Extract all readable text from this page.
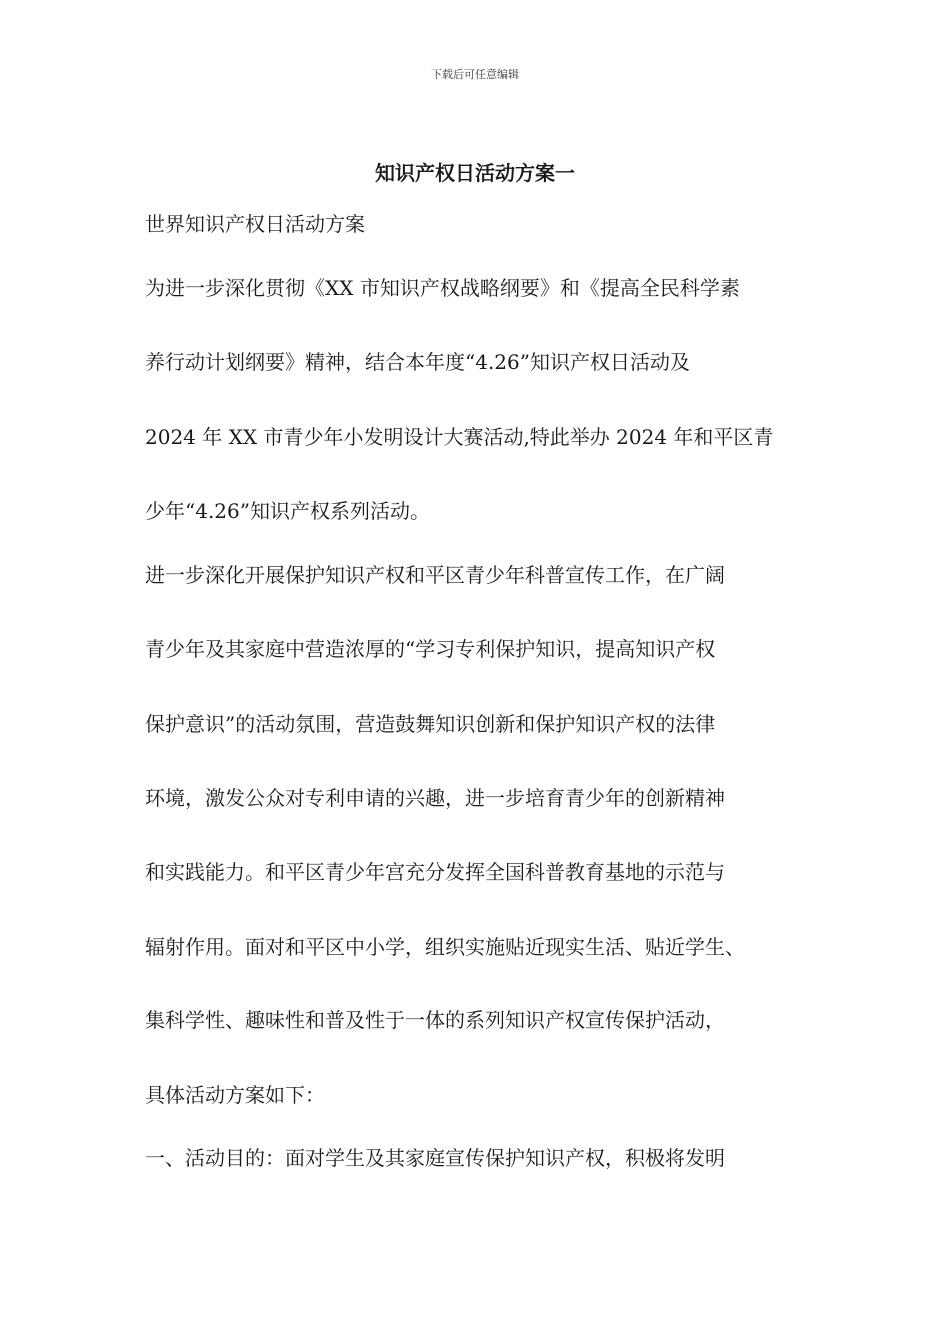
下载后可任意编辑
知识产权日活动方案一
世界知识产权日活动方案
为进一步深化贯彻《XX 市知识产权战略纲要》和《提高全民科学素
养行动计划纲要》精神，结合本年度“4.26”知识产权日活动及
2024 年 XX 市青少年小发明设计大赛活动,特此举办 2024 年和平区青
少年“4.26”知识产权系列活动。
进一步深化开展保护知识产权和平区青少年科普宣传工作，在广阔
青少年及其家庭中营造浓厚的“学习专利保护知识，提高知识产权
保护意识”的活动氛围，营造鼓舞知识创新和保护知识产权的法律
环境，激发公众对专利申请的兴趣，进一步培育青少年的创新精神
和实践能力。和平区青少年宫充分发挥全国科普教育基地的示范与
辐射作用。面对和平区中小学，组织实施贴近现实生活、贴近学生、
集科学性、趣味性和普及性于一体的系列知识产权宣传保护活动，
具体活动方案如下：
一、活动目的：面对学生及其家庭宣传保护知识产权，积极将发明
